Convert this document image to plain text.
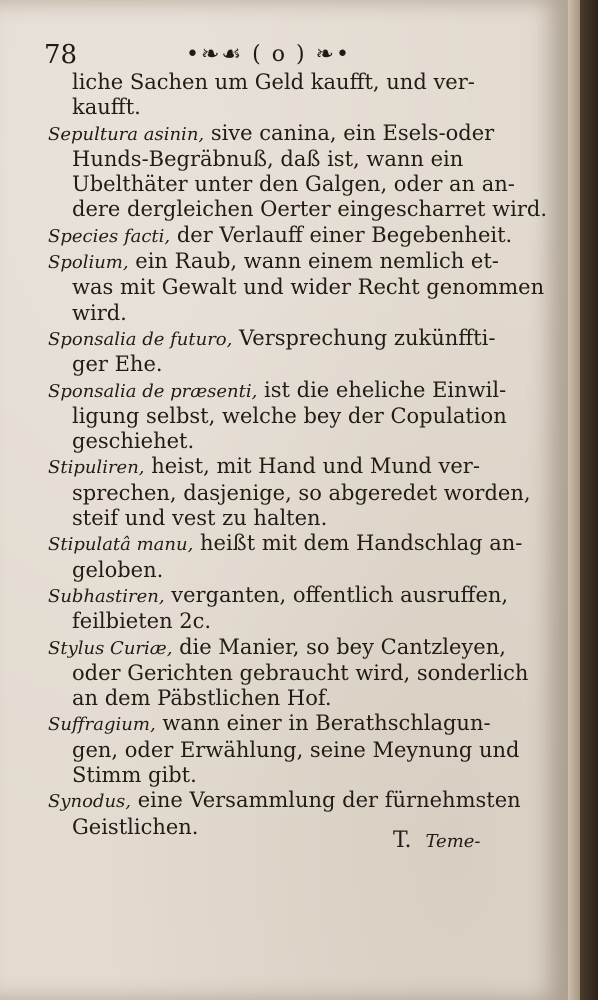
78	•❧☙ ( o ) ❧•
liche Sachen um Geld kaufft, und ver-
kaufft.
Sepultura asinin, sive canina, ein Esels-oder
Hunds-Begräbnuß, daß ist, wann ein
Ubelthäter unter den Galgen, oder an an-
dere dergleichen Oerter eingescharret wird.
Species facti, der Verlauff einer Begebenheit.
Spolium, ein Raub, wann einem nemlich et-
was mit Gewalt und wider Recht genommen
wird.
Sponsalia de futuro, Versprechung zukünffti-
ger Ehe.
Sponsalia de præsenti, ist die eheliche Einwil-
ligung selbst, welche bey der Copulation
geschiehet.
Stipuliren, heist, mit Hand und Mund ver-
sprechen, dasjenige, so abgeredet worden,
steif und vest zu halten.
Stipulatâ manu, heißt mit dem Handschlag an-
geloben.
Subhastiren, verganten, offentlich ausruffen,
feilbieten 2c.
Stylus Curiæ, die Manier, so bey Cantzleyen,
oder Gerichten gebraucht wird, sonderlich
an dem Päbstlichen Hof.
Suffragium, wann einer in Berathschlagun-
gen, oder Erwählung, seine Meynung und
Stimm gibt.
Synodus, eine Versammlung der fürnehmsten
Geistlichen.
T. Teme-
